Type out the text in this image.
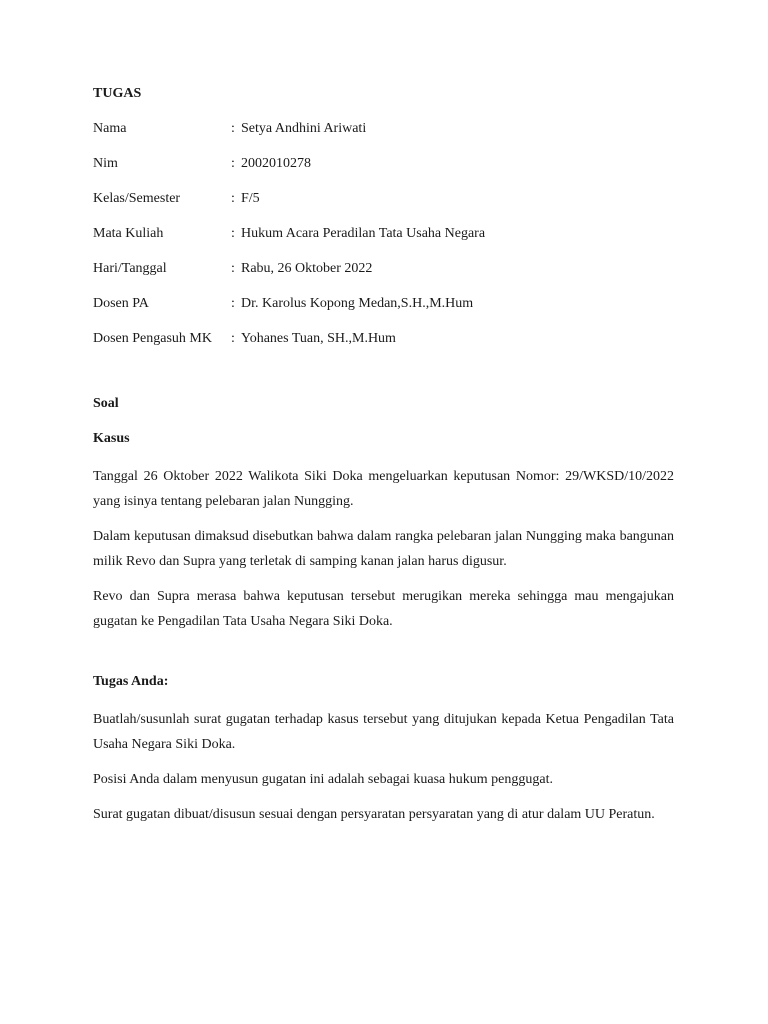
TUGAS

Nama	: Setya Andhini Ariwati
Nim	: 2002010278
Kelas/Semester	: F/5
Mata Kuliah	: Hukum Acara Peradilan Tata Usaha Negara
Hari/Tanggal	: Rabu, 26 Oktober 2022
Dosen PA	: Dr. Karolus Kopong Medan,S.H.,M.Hum
Dosen Pengasuh MK	: Yohanes Tuan, SH.,M.Hum

Soal

Kasus

Tanggal 26 Oktober 2022 Walikota Siki Doka mengeluarkan keputusan Nomor: 29/WKSD/10/2022 yang isinya tentang pelebaran jalan Nungging.

Dalam keputusan dimaksud disebutkan bahwa dalam rangka pelebaran jalan Nungging maka bangunan milik Revo dan Supra yang terletak di samping kanan jalan harus digusur.

Revo dan Supra merasa bahwa keputusan tersebut merugikan mereka sehingga mau mengajukan gugatan ke Pengadilan Tata Usaha Negara Siki Doka.

Tugas Anda:

Buatlah/susunlah surat gugatan terhadap kasus tersebut yang ditujukan kepada Ketua Pengadilan Tata Usaha Negara Siki Doka.

Posisi Anda dalam menyusun gugatan ini adalah sebagai kuasa hukum penggugat.

Surat gugatan dibuat/disusun sesuai dengan persyaratan persyaratan yang di atur dalam UU Peratun.
